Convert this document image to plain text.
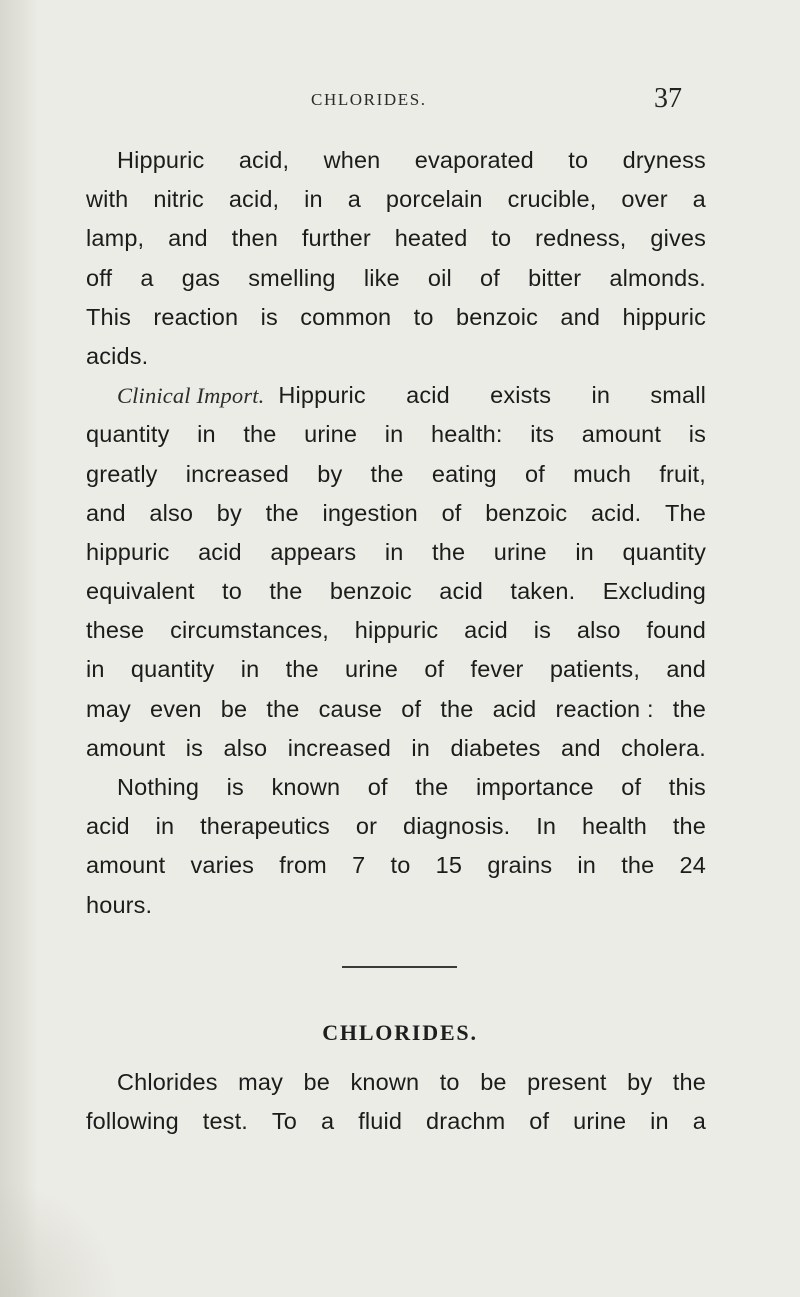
CHLORIDES.	37
Hippuric acid, when evaporated to dryness
with nitric acid, in a porcelain crucible, over a
lamp, and then further heated to redness, gives
off a gas smelling like oil of bitter almonds.
This reaction is common to benzoic and hippuric
acids.
Clinical Import. Hippuric acid exists in small
quantity in the urine in health: its amount is
greatly increased by the eating of much fruit,
and also by the ingestion of benzoic acid. The
hippuric acid appears in the urine in quantity
equivalent to the benzoic acid taken. Excluding
these circumstances, hippuric acid is also found
in quantity in the urine of fever patients, and
may even be the cause of the acid reaction : the
amount is also increased in diabetes and cholera.
Nothing is known of the importance of this
acid in therapeutics or diagnosis. In health the
amount varies from 7 to 15 grains in the 24
hours.
CHLORIDES.
Chlorides may be known to be present by the
following test. To a fluid drachm of urine in a
